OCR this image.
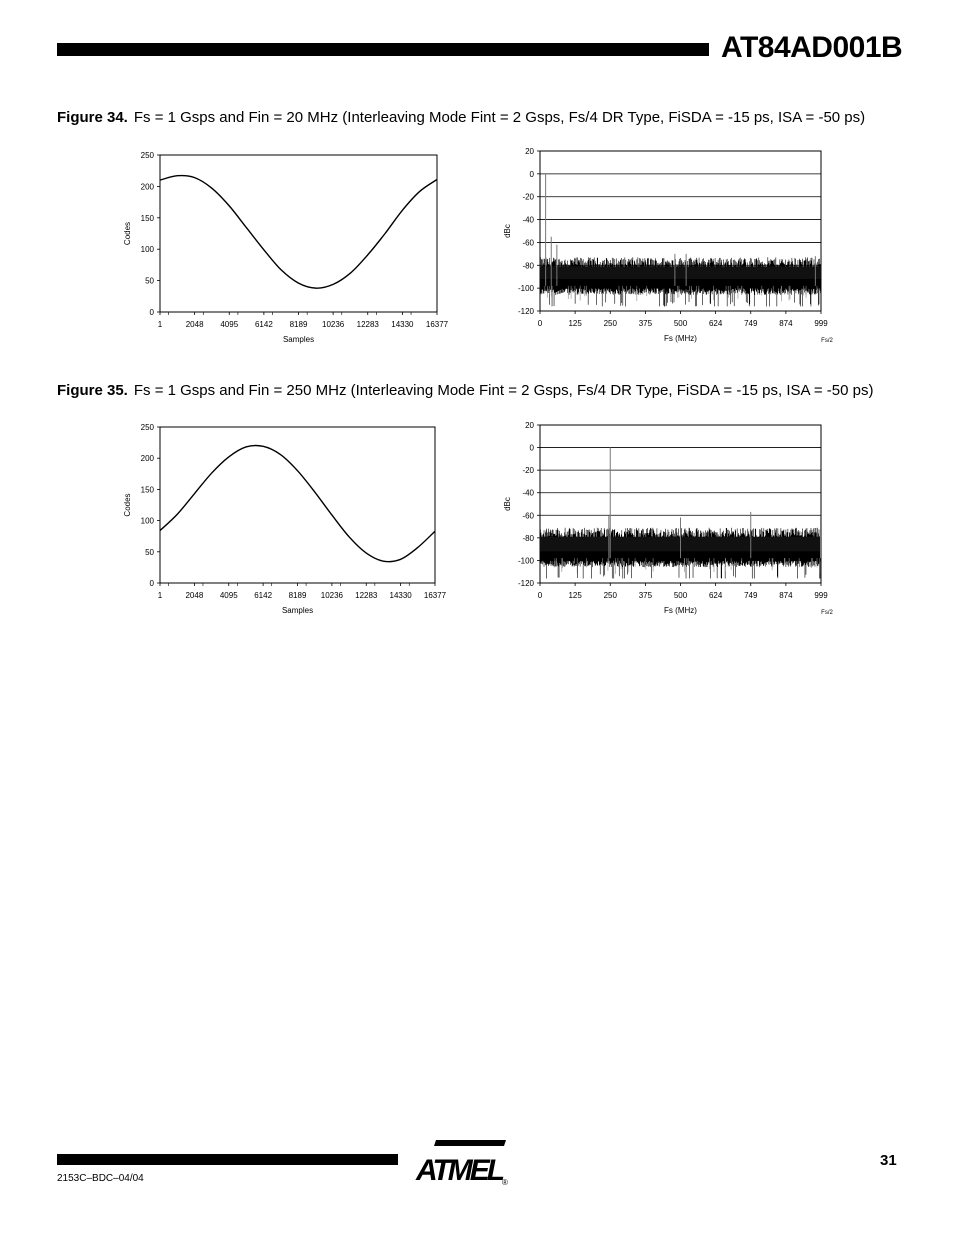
AT84AD001B
Figure 34. Fs = 1 Gsps and Fin = 20 MHz (Interleaving Mode Fint = 2 Gsps, Fs/4 DR Type, FiSDA = -15 ps, ISA = -50 ps)
0
50
100
150
200
250
1	2048 4095 6142 8189 10236 12283 14330 16377
Samples
Codes
20
0
-20
-40
-60
-80
-100
-120
0	125	250	375	500	624	749	874	999
Fs (MHz)
dBc
Fs/2
Figure 35. Fs = 1 Gsps and Fin = 250 MHz (Interleaving Mode Fint = 2 Gsps, Fs/4 DR Type, FiSDA = -15 ps, ISA = -50 ps)
0
50
100
150
200
250
1	2048 4095 6142 8189 10236 12283 14330 16377
Samples
Codes
20
0
-20
-40
-60
-80
-100
-120
0	125	250	375	500	624	749	874	999
Fs (MHz)
dBc
Fs/2
2153C–BDC–04/04
31
ATMEL ®
